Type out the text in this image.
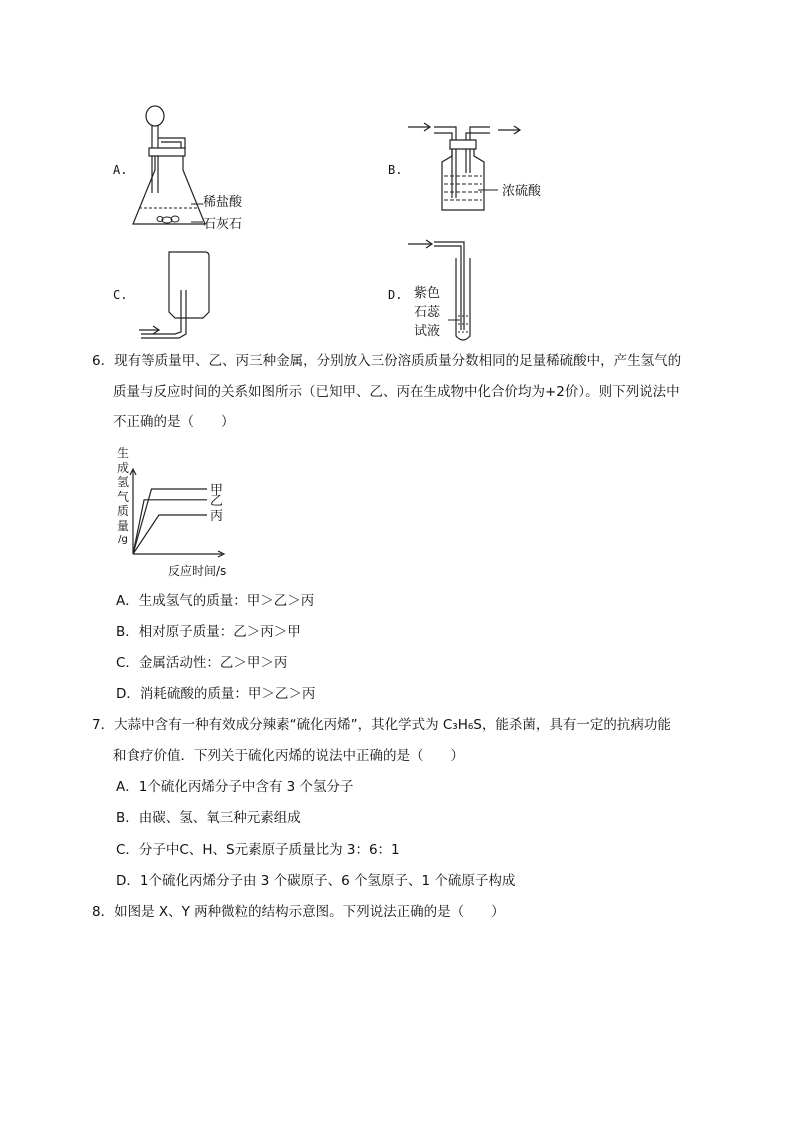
A.
稀盐酸
石灰石
B.
浓硫酸
C.	D. 紫色
石蕊
试液
6．现有等质量甲、乙、丙三种金属，分别放入三份溶质质量分数相同的足量稀硫酸中，产生氢气的
质量与反应时间的关系如图所示（已知甲、乙、丙在生成物中化合价均为+2价）。则下列说法中
不正确的是（　　）
生
成
氢
气
质
量
/g
甲
乙
丙
反应时间/s
A．生成氢气的质量：甲＞乙＞丙
B．相对原子质量：乙＞丙＞甲
C．金属活动性：乙＞甲＞丙
D．消耗硫酸的质量：甲＞乙＞丙
7．大蒜中含有一种有效成分辣素“硫化丙烯”，其化学式为 C₃H₆S，能杀菌，具有一定的抗病功能
和食疗价值．下列关于硫化丙烯的说法中正确的是（　　）
A．1个硫化丙烯分子中含有 3 个氢分子
B．由碳、氢、氧三种元素组成
C．分子中C、H、S元素原子质量比为 3：6：1
D．1个硫化丙烯分子由 3 个碳原子、6 个氢原子、1 个硫原子构成
8．如图是 X、Y 两种微粒的结构示意图。下列说法正确的是（　　）
